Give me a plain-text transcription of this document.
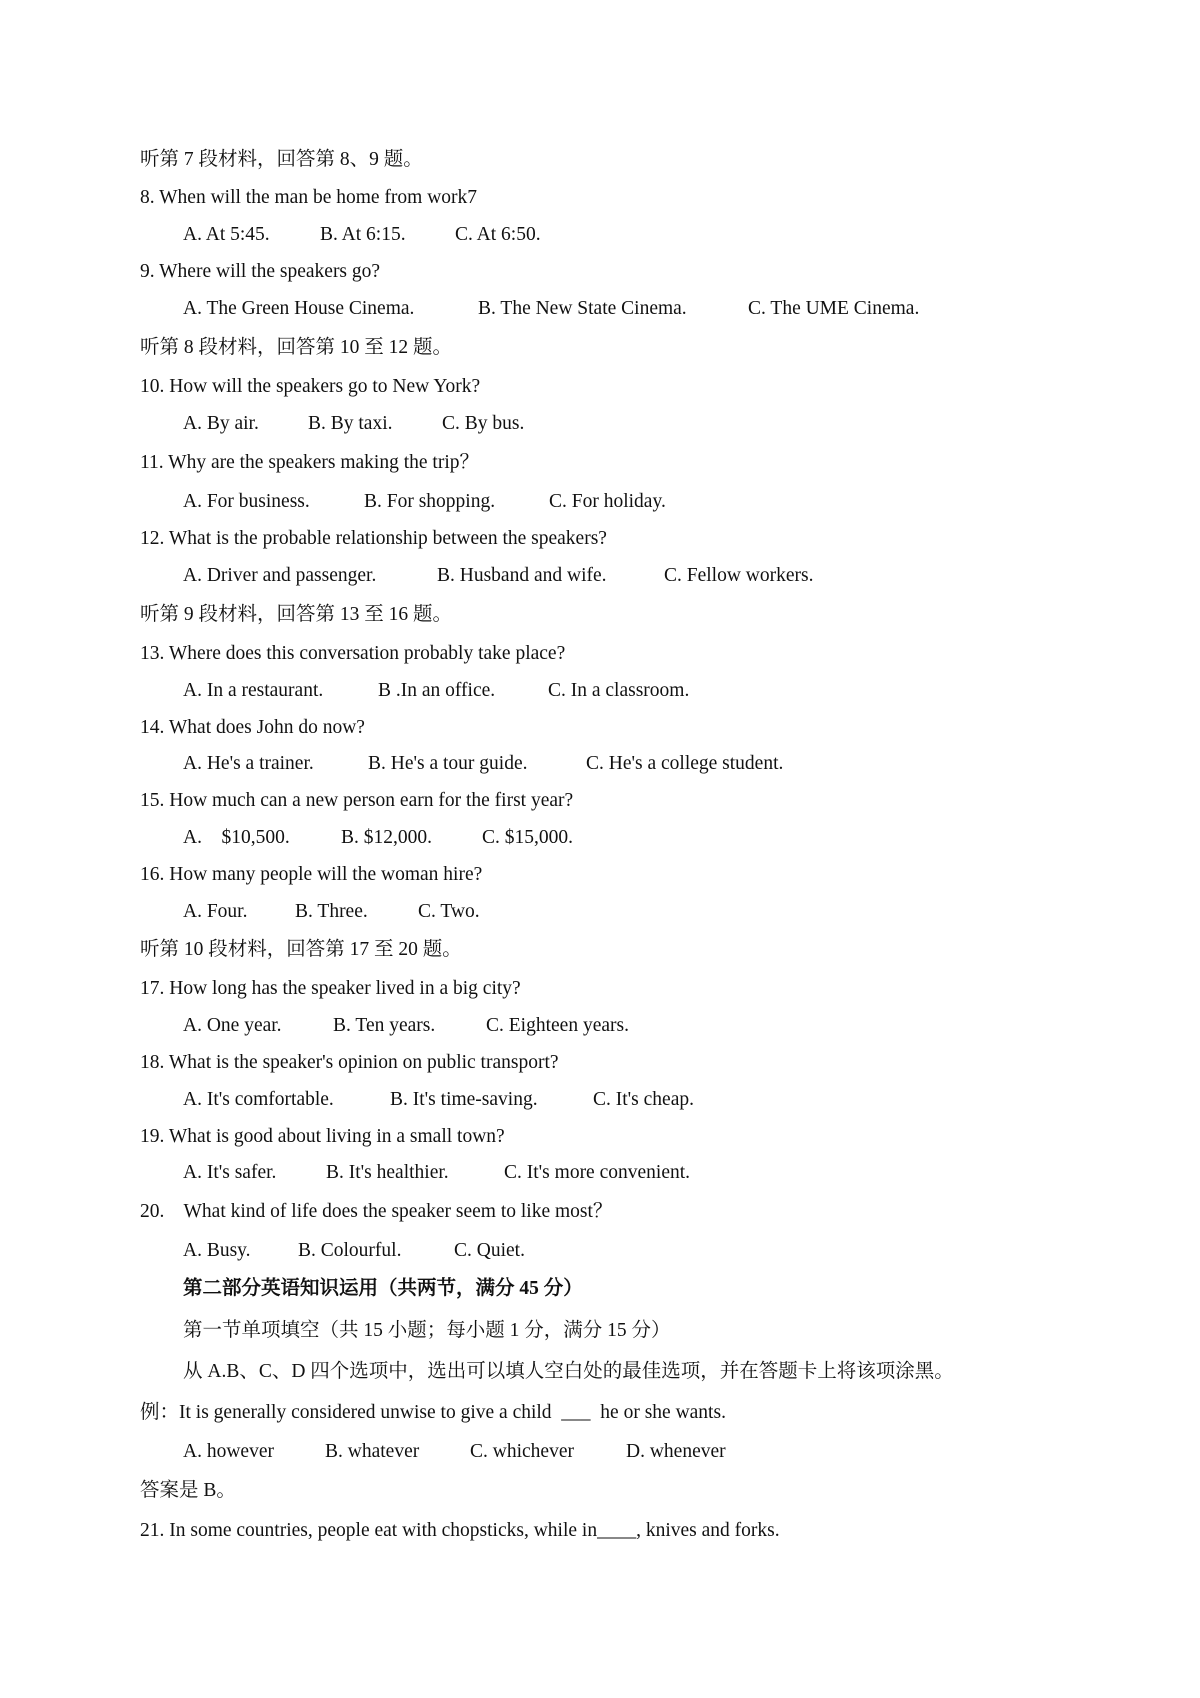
听第 7 段材料，回答第 8、9 题。
8. When will the man be home from work7
A. At 5:45.	B. At 6:15.	C. At 6:50.
9. Where will the speakers go?
A. The Green House Cinema.	B. The New State Cinema.	C. The UME Cinema.
听第 8 段材料，回答第 10 至 12 题。
10. How will the speakers go to New York?
A. By air.	B. By taxi.	C. By bus.
11. Why are the speakers making the trip？
A. For business.	B. For shopping.	C. For holiday.
12. What is the probable relationship between the speakers?
A. Driver and passenger.	B. Husband and wife.	C. Fellow workers.
听第 9 段材料，回答第 13 至 16 题。
13. Where does this conversation probably take place?
A. In a restaurant.	B .In an office.	C. In a classroom.
14. What does John do now?
A. He's a trainer.	B. He's a tour guide.	C. He's a college student.
15. How much can a new person earn for the first year?
A.    $10,500.	B. $12,000.	C. $15,000.
16. How many people will the woman hire?
A. Four. B. Three.	C. Two.
听第 10 段材料，回答第 17 至 20 题。
17. How long has the speaker lived in a big city?
A. One year.	B. Ten years.	C. Eighteen years.
18. What is the speaker's opinion on public transport?
A. It's comfortable.	B. It's time-saving.	C. It's cheap.
19. What is good about living in a small town?
A. It's safer.	B. It's healthier.	C. It's more convenient.
20.    What kind of life does the speaker seem to like most？
A. Busy. B. Colourful.	C. Quiet.
第二部分英语知识运用（共两节，满分 45 分）
第一节单项填空（共 15 小题；每小题 1 分，满分 15 分）
从 A.B、C、D 四个选项中，选出可以填人空白处的最佳选项，并在答题卡上将该项涂黑。
例：It is generally considered unwise to give a child  ___  he or she wants.
A. however	B. whatever	C. whichever	D. whenever
答案是 B。
21. In some countries, people eat with chopsticks, while in____, knives and forks.
